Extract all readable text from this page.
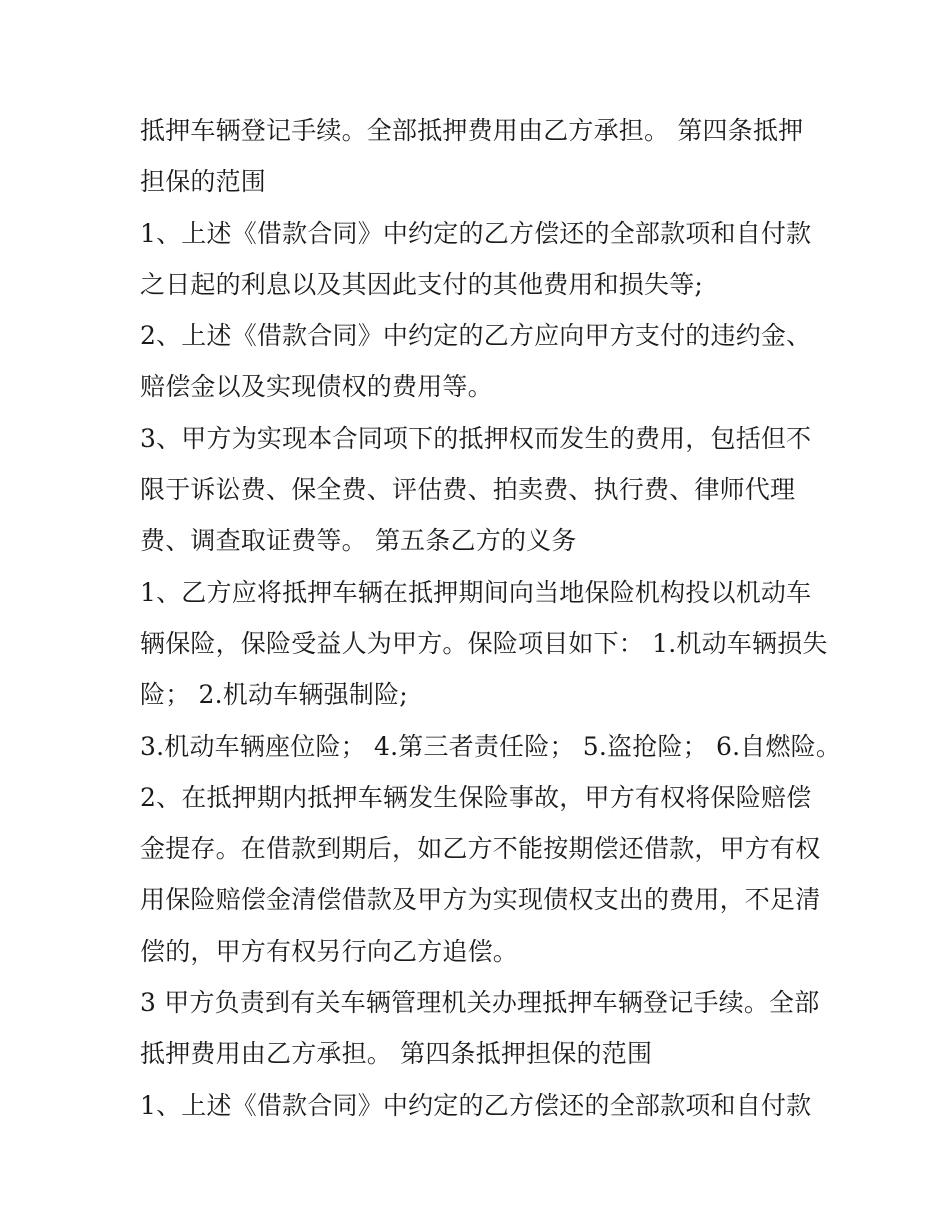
抵押车辆登记手续。全部抵押费用由乙方承担。 第四条抵押
担保的范围
1、上述《借款合同》中约定的乙方偿还的全部款项和自付款
之日起的利息以及其因此支付的其他费用和损失等;
2、上述《借款合同》中约定的乙方应向甲方支付的违约金、
赔偿金以及实现债权的费用等。
3、甲方为实现本合同项下的抵押权而发生的费用，包括但不
限于诉讼费、保全费、评估费、拍卖费、执行费、律师代理
费、调查取证费等。 第五条乙方的义务
1、乙方应将抵押车辆在抵押期间向当地保险机构投以机动车
辆保险，保险受益人为甲方。保险项目如下： 1.机动车辆损失
险； 2.机动车辆强制险;
3.机动车辆座位险； 4.第三者责任险； 5.盗抢险； 6.自燃险。
2、在抵押期内抵押车辆发生保险事故，甲方有权将保险赔偿
金提存。在借款到期后，如乙方不能按期偿还借款，甲方有权
用保险赔偿金清偿借款及甲方为实现债权支出的费用，不足清
偿的，甲方有权另行向乙方追偿。
3 甲方负责到有关车辆管理机关办理抵押车辆登记手续。全部
抵押费用由乙方承担。 第四条抵押担保的范围
1、上述《借款合同》中约定的乙方偿还的全部款项和自付款
